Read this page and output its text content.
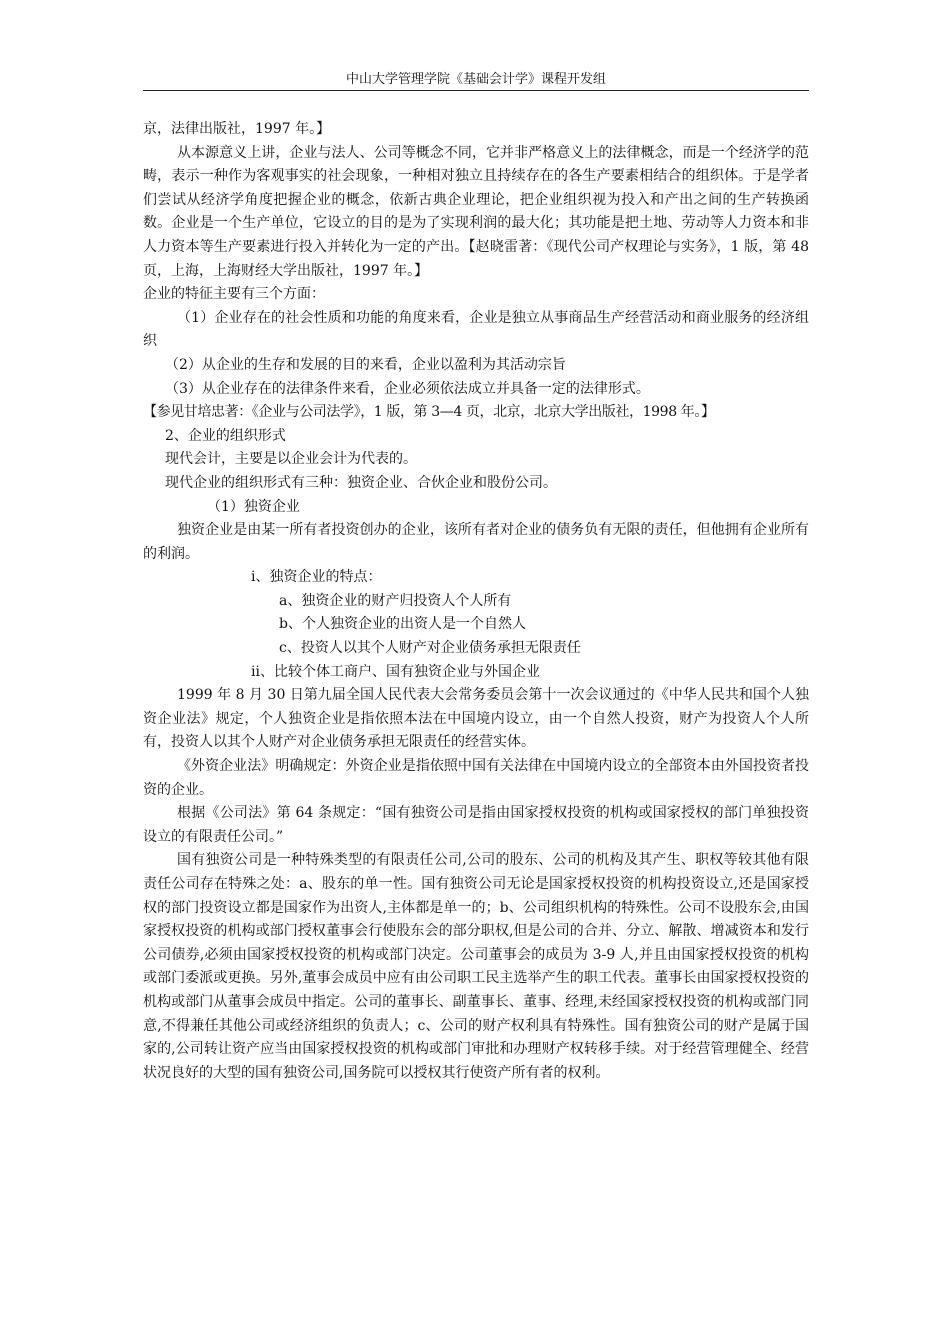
中山大学管理学院《基础会计学》课程开发组

京，法律出版社，1997 年。】

从本源意义上讲，企业与法人、公司等概念不同，它并非严格意义上的法律概念，而是一个经济学的范畴，表示一种作为客观事实的社会现象，一种相对独立且持续存在的各生产要素相结合的组织体。于是学者们尝试从经济学角度把握企业的概念，依新古典企业理论，把企业组织视为投入和产出之间的生产转换函数。企业是一个生产单位，它设立的目的是为了实现利润的最大化；其功能是把土地、劳动等人力资本和非人力资本等生产要素进行投入并转化为一定的产出。【赵晓雷著：《现代公司产权理论与实务》，1 版，第 48 页，上海，上海财经大学出版社，1997 年。】

企业的特征主要有三个方面：

（1）企业存在的社会性质和功能的角度来看，企业是独立从事商品生产经营活动和商业服务的经济组织

（2）从企业的生存和发展的目的来看，企业以盈利为其活动宗旨

（3）从企业存在的法律条件来看，企业必须依法成立并具备一定的法律形式。

【参见甘培忠著：《企业与公司法学》，1 版，第 3—4 页，北京，北京大学出版社，1998 年。】

2、企业的组织形式

现代会计，主要是以企业会计为代表的。

现代企业的组织形式有三种：独资企业、合伙企业和股份公司。

（1）独资企业

独资企业是由某一所有者投资创办的企业，该所有者对企业的债务负有无限的责任，但他拥有企业所有的利润。

ⅰ、独资企业的特点：

a、独资企业的财产归投资人个人所有

b、个人独资企业的出资人是一个自然人

c、投资人以其个人财产对企业债务承担无限责任

ⅱ、比较个体工商户、国有独资企业与外国企业

1999 年 8 月 30 日第九届全国人民代表大会常务委员会第十一次会议通过的《中华人民共和国个人独资企业法》规定，个人独资企业是指依照本法在中国境内设立，由一个自然人投资，财产为投资人个人所有，投资人以其个人财产对企业债务承担无限责任的经营实体。

《外资企业法》明确规定：外资企业是指依照中国有关法律在中国境内设立的全部资本由外国投资者投资的企业。

根据《公司法》第 64 条规定：“国有独资公司是指由国家授权投资的机构或国家授权的部门单独投资设立的有限责任公司。”

国有独资公司是一种特殊类型的有限责任公司,公司的股东、公司的机构及其产生、职权等较其他有限责任公司存在特殊之处：a、股东的单一性。国有独资公司无论是国家授权投资的机构投资设立,还是国家授权的部门投资设立都是国家作为出资人,主体都是单一的；b、公司组织机构的特殊性。公司不设股东会,由国家授权投资的机构或部门授权董事会行使股东会的部分职权,但是公司的合并、分立、解散、增减资本和发行公司债券,必须由国家授权投资的机构或部门决定。公司董事会的成员为 3-9 人,并且由国家授权投资的机构或部门委派或更换。另外,董事会成员中应有由公司职工民主选举产生的职工代表。董事长由国家授权投资的机构或部门从董事会成员中指定。公司的董事长、副董事长、董事、经理,未经国家授权投资的机构或部门同意,不得兼任其他公司或经济组织的负责人；c、公司的财产权利具有特殊性。国有独资公司的财产是属于国家的,公司转让资产应当由国家授权投资的机构或部门审批和办理财产权转移手续。对于经营管理健全、经营状况良好的大型的国有独资公司,国务院可以授权其行使资产所有者的权利。
